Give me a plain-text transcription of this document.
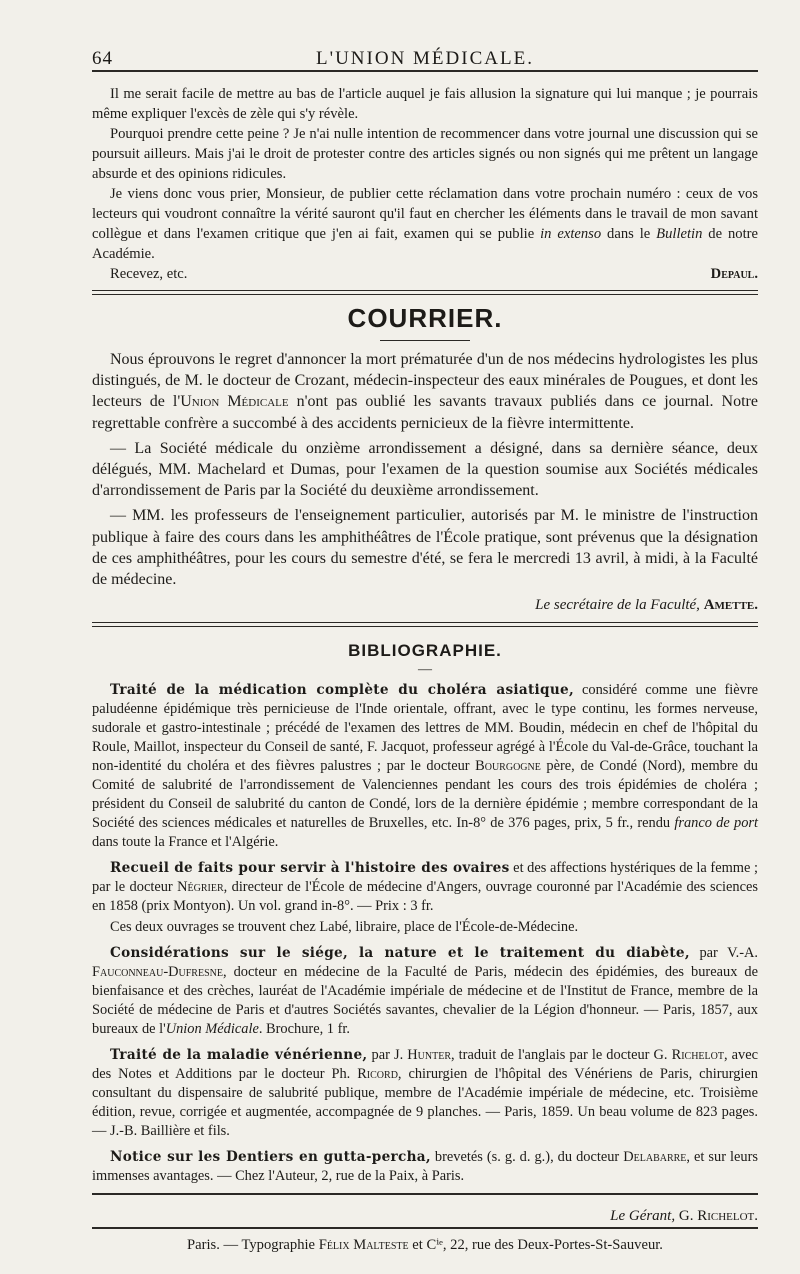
64	L'UNION MÉDICALE.

Il me serait facile de mettre au bas de l'article auquel je fais allusion la signature qui lui manque ; je pourrais même expliquer l'excès de zèle qui s'y révèle.

Pourquoi prendre cette peine ? Je n'ai nulle intention de recommencer dans votre journal une discussion qui se poursuit ailleurs. Mais j'ai le droit de protester contre des articles signés ou non signés qui me prêtent un langage absurde et des opinions ridicules.

Je viens donc vous prier, Monsieur, de publier cette réclamation dans votre prochain numéro : ceux de vos lecteurs qui voudront connaître la vérité sauront qu'il faut en chercher les éléments dans le travail de mon savant collègue et dans l'examen critique que j'en ai fait, examen qui se publie in extenso dans le Bulletin de notre Académie.

Recevez, etc.	Depaul.
COURRIER.

Nous éprouvons le regret d'annoncer la mort prématurée d'un de nos médecins hydrologistes les plus distingués, de M. le docteur de Crozant, médecin-inspecteur des eaux minérales de Pougues, et dont les lecteurs de l'Union Médicale n'ont pas oublié les savants travaux publiés dans ce journal. Notre regrettable confrère a succombé à des accidents pernicieux de la fièvre intermittente.

— La Société médicale du onzième arrondissement a désigné, dans sa dernière séance, deux délégués, MM. Machelard et Dumas, pour l'examen de la question soumise aux Sociétés médicales d'arrondissement de Paris par la Société du deuxième arrondissement.

— MM. les professeurs de l'enseignement particulier, autorisés par M. le ministre de l'instruction publique à faire des cours dans les amphithéâtres de l'École pratique, sont prévenus que la désignation de ces amphithéâtres, pour les cours du semestre d'été, se fera le mercredi 13 avril, à midi, à la Faculté de médecine.

Le secrétaire de la Faculté, Amette.
BIBLIOGRAPHIE.
—

Traité de la médication complète du choléra asiatique, considéré comme une fièvre paludéenne épidémique très pernicieuse de l'Inde orientale, offrant, avec le type continu, les formes nerveuse, sudorale et gastro-intestinale ; précédé de l'examen des lettres de MM. Boudin, médecin en chef de l'hôpital du Roule, Maillot, inspecteur du Conseil de santé, F. Jacquot, professeur agrégé à l'École du Val-de-Grâce, touchant la non-identité du choléra et des fièvres palustres ; par le docteur Bourgogne père, de Condé (Nord), membre du Comité de salubrité de l'arrondissement de Valenciennes pendant les cours des trois épidémies de choléra ; président du Conseil de salubrité du canton de Condé, lors de la dernière épidémie ; membre correspondant de la Société des sciences médicales et naturelles de Bruxelles, etc. In-8° de 376 pages, prix, 5 fr., rendu franco de port dans toute la France et l'Algérie.

Recueil de faits pour servir à l'histoire des ovaires et des affections hystériques de la femme ; par le docteur Négrier, directeur de l'École de médecine d'Angers, ouvrage couronné par l'Académie des sciences en 1858 (prix Montyon). Un vol. grand in-8°. — Prix : 3 fr.

Ces deux ouvrages se trouvent chez Labé, libraire, place de l'École-de-Médecine.

Considérations sur le siége, la nature et le traitement du diabète, par V.-A. Fauconneau-Dufresne, docteur en médecine de la Faculté de Paris, médecin des épidémies, des bureaux de bienfaisance et des crèches, lauréat de l'Académie impériale de médecine et de l'Institut de France, membre de la Société de médecine de Paris et d'autres Sociétés savantes, chevalier de la Légion d'honneur. — Paris, 1857, aux bureaux de l'Union Médicale. Brochure, 1 fr.

Traité de la maladie vénérienne, par J. Hunter, traduit de l'anglais par le docteur G. Richelot, avec des Notes et Additions par le docteur Ph. Ricord, chirurgien de l'hôpital des Vénériens de Paris, chirurgien consultant du dispensaire de salubrité publique, membre de l'Académie impériale de médecine, etc. Troisième édition, revue, corrigée et augmentée, accompagnée de 9 planches. — Paris, 1859. Un beau volume de 823 pages. — J.-B. Baillière et fils.

Notice sur les Dentiers en gutta-percha, brevetés (s. g. d. g.), du docteur Delabarre, et sur leurs immenses avantages. — Chez l'Auteur, 2, rue de la Paix, à Paris.

Le Gérant, G. Richelot.
Paris. — Typographie Félix Malteste et Cⁱᵉ, 22, rue des Deux-Portes-St-Sauveur.
